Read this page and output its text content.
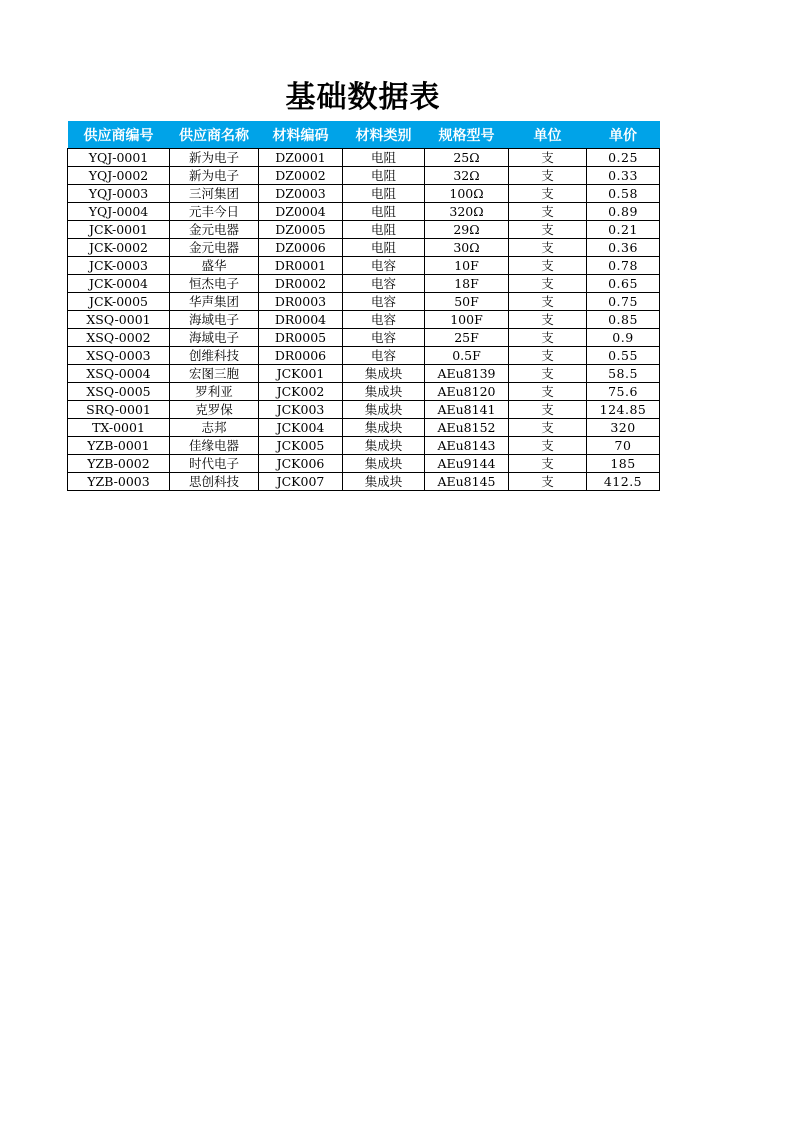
基础数据表
供应商编号	供应商名称	材料编码	材料类别	规格型号	单位	单价
YQJ-0001	新为电子	DZ0001	电阻	25Ω	支	0.25
YQJ-0002	新为电子	DZ0002	电阻	32Ω	支	0.33
YQJ-0003	三河集团	DZ0003	电阻	100Ω	支	0.58
YQJ-0004	元丰今日	DZ0004	电阻	320Ω	支	0.89
JCK-0001	金元电器	DZ0005	电阻	29Ω	支	0.21
JCK-0002	金元电器	DZ0006	电阻	30Ω	支	0.36
JCK-0003	盛华	DR0001	电容	10F	支	0.78
JCK-0004	恒杰电子	DR0002	电容	18F	支	0.65
JCK-0005	华声集团	DR0003	电容	50F	支	0.75
XSQ-0001	海域电子	DR0004	电容	100F	支	0.85
XSQ-0002	海域电子	DR0005	电容	25F	支	0.9
XSQ-0003	创维科技	DR0006	电容	0.5F	支	0.55
XSQ-0004	宏图三胞	JCK001	集成块	AEu8139	支	58.5
XSQ-0005	罗利亚	JCK002	集成块	AEu8120	支	75.6
SRQ-0001	克罗保	JCK003	集成块	AEu8141	支	124.85
TX-0001	志邦	JCK004	集成块	AEu8152	支	320
YZB-0001	佳缘电器	JCK005	集成块	AEu8143	支	70
YZB-0002	时代电子	JCK006	集成块	AEu9144	支	185
YZB-0003	思创科技	JCK007	集成块	AEu8145	支	412.5
